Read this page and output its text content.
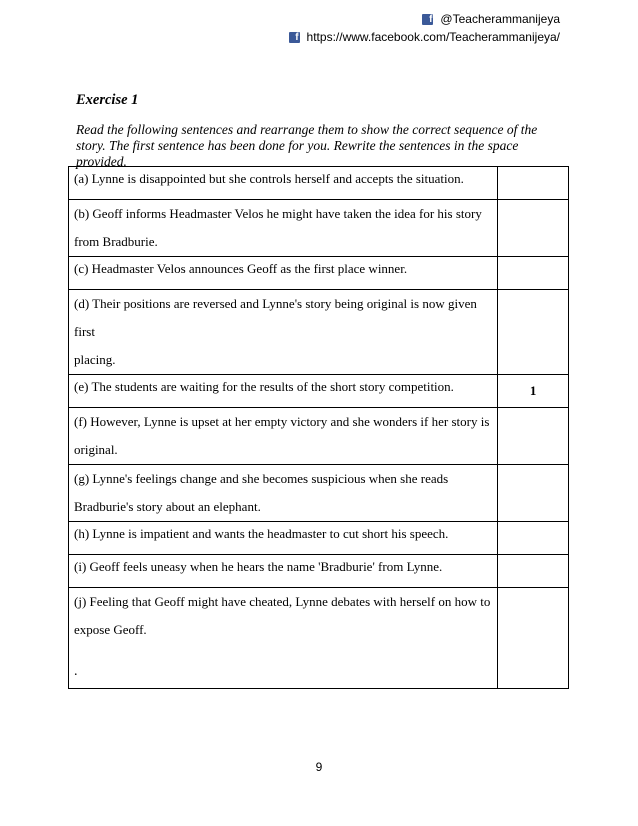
f @Teacherammanijeya
f https://www.facebook.com/Teacherammanijeya/
Exercise 1
Read the following sentences and rearrange them to show the correct sequence of the story. The first sentence has been done for you. Rewrite the sentences in the space provided.
(a) Lynne is disappointed but she controls herself and accepts the situation.	

(b) Geoff informs Headmaster Velos he might have taken the idea for his story
from Bradburie.	

(c) Headmaster Velos announces Geoff as the first place winner.	

(d) Their positions are reversed and Lynne's story being original is now given first
placing.	

(e) The students are waiting for the results of the short story competition.	1

(f) However, Lynne is upset at her empty victory and she wonders if her story is
original.	

(g) Lynne's feelings change and she becomes suspicious when she reads
Bradburie's story about an elephant.	

(h) Lynne is impatient and wants the headmaster to cut short his speech.	

(i) Geoff feels uneasy when he hears the name 'Bradburie' from Lynne.	

(j) Feeling that Geoff might have cheated, Lynne debates with herself on how to
expose Geoff.	

.
9
